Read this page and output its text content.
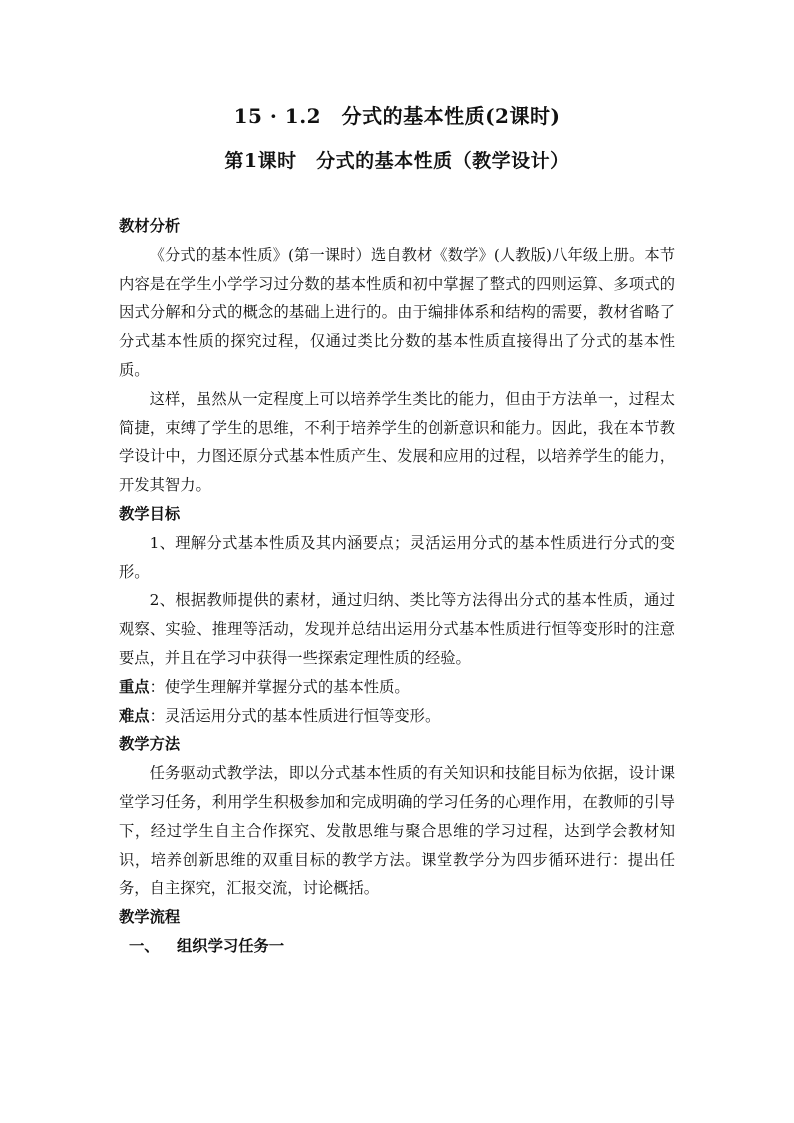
15 · 1.2　分式的基本性质(2课时)
第1课时　分式的基本性质（教学设计）
教材分析
《分式的基本性质》(第一课时）选自教材《数学》(人教版)八年级上册。本节内容是在学生小学学习过分数的基本性质和初中掌握了整式的四则运算、多项式的因式分解和分式的概念的基础上进行的。由于编排体系和结构的需要，教材省略了分式基本性质的探究过程，仅通过类比分数的基本性质直接得出了分式的基本性质。
这样，虽然从一定程度上可以培养学生类比的能力，但由于方法单一，过程太简捷，束缚了学生的思维，不利于培养学生的创新意识和能力。因此，我在本节教学设计中，力图还原分式基本性质产生、发展和应用的过程，以培养学生的能力，开发其智力。
教学目标
1、理解分式基本性质及其内涵要点；灵活运用分式的基本性质进行分式的变形。
2、根据教师提供的素材，通过归纳、类比等方法得出分式的基本性质，通过观察、实验、推理等活动，发现并总结出运用分式基本性质进行恒等变形时的注意要点，并且在学习中获得一些探索定理性质的经验。
重点：使学生理解并掌握分式的基本性质。
难点：灵活运用分式的基本性质进行恒等变形。
教学方法
任务驱动式教学法，即以分式基本性质的有关知识和技能目标为依据，设计课堂学习任务，利用学生积极参加和完成明确的学习任务的心理作用，在教师的引导下，经过学生自主合作探究、发散思维与聚合思维的学习过程，达到学会教材知识，培养创新思维的双重目标的教学方法。课堂教学分为四步循环进行：提出任务，自主探究，汇报交流，讨论概括。
教学流程
一、 组织学习任务一
